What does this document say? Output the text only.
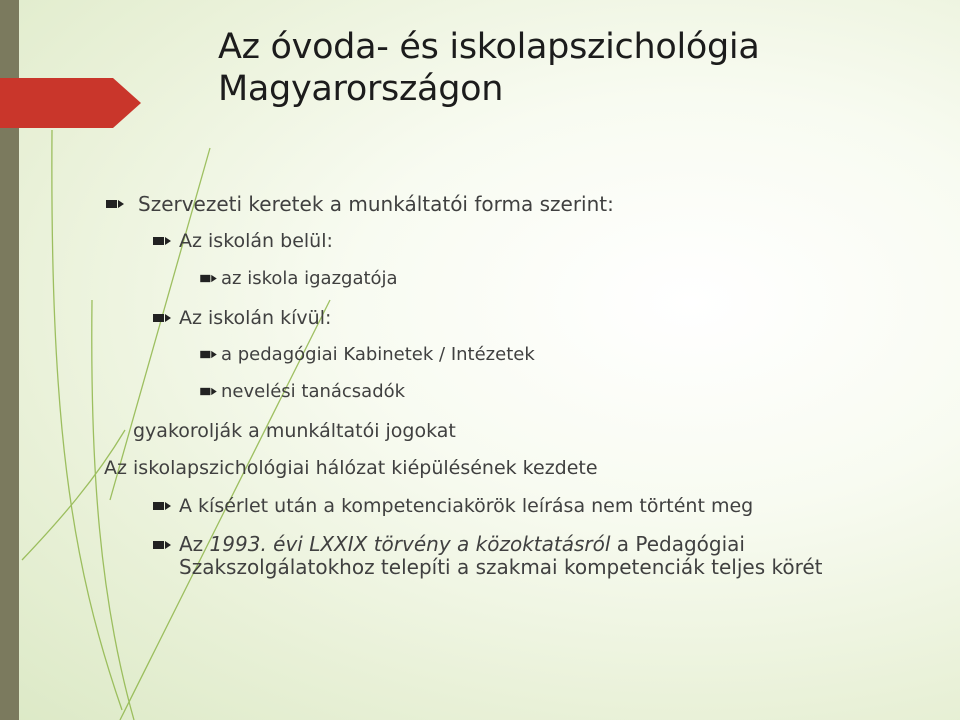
Az óvoda- és iskolapszichológia
Magyarországon
Szervezeti keretek a munkáltatói forma szerint:
Az iskolán belül:
az iskola igazgatója
Az iskolán kívül:
a pedagógiai Kabinetek / Intézetek
nevelési tanácsadók
gyakorolják a munkáltatói jogokat
Az iskolapszichológiai hálózat kiépülésének kezdete
A kísérlet után a kompetenciakörök leírása nem történt meg
Az 1993. évi LXXIX törvény a közoktatásról a Pedagógiai Szakszolgálatokhoz telepíti a szakmai kompetenciák teljes körét
